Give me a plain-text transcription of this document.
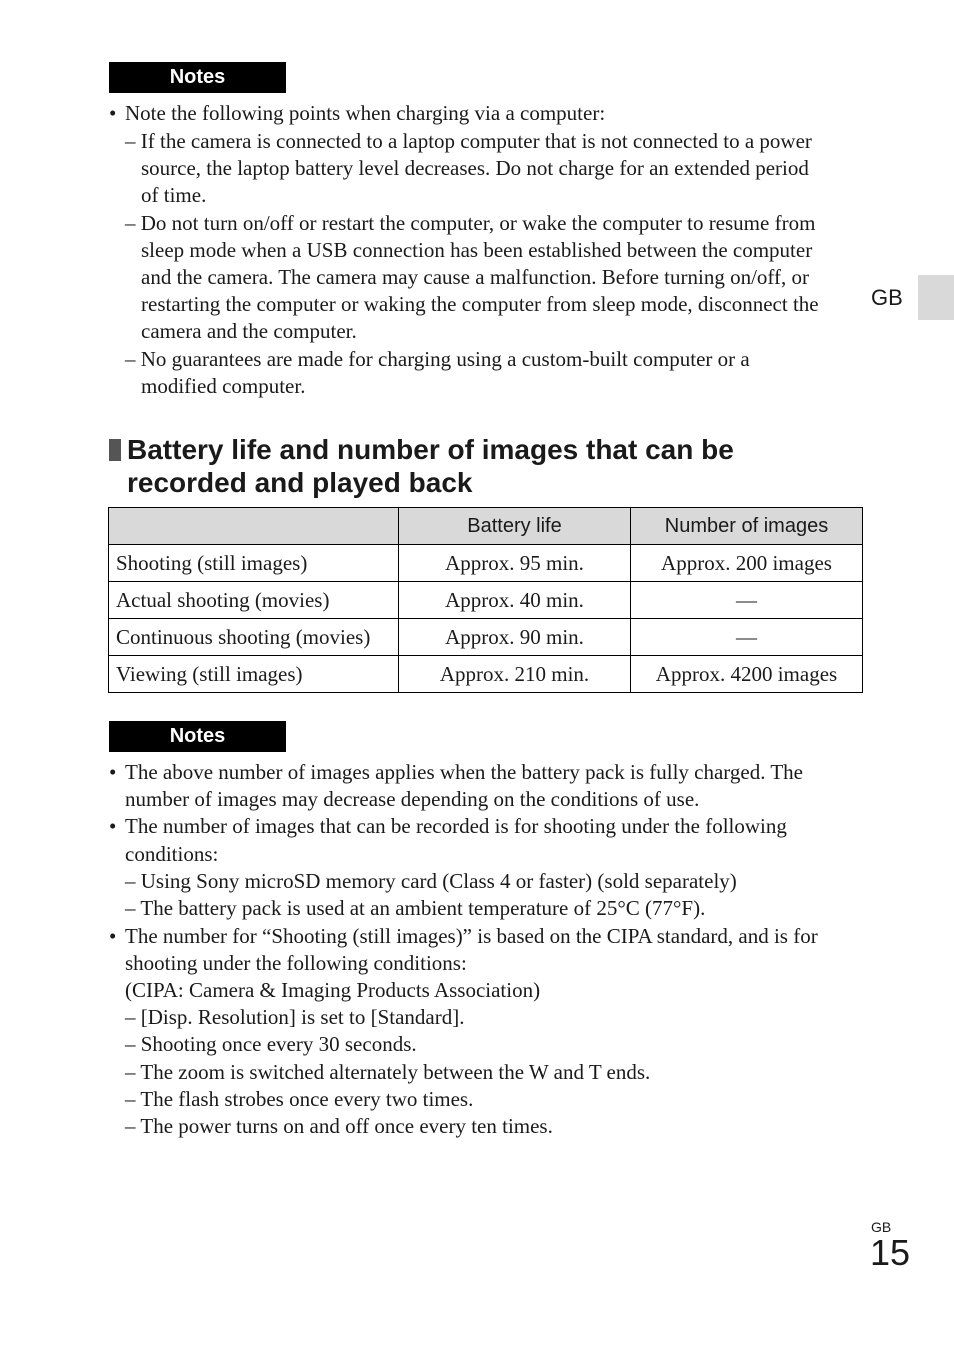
Notes
• Note the following points when charging via a computer:
– If the camera is connected to a laptop computer that is not connected to a power
source, the laptop battery level decreases. Do not charge for an extended period
of time.
– Do not turn on/off or restart the computer, or wake the computer to resume from
sleep mode when a USB connection has been established between the computer
and the camera. The camera may cause a malfunction. Before turning on/off, or
restarting the computer or waking the computer from sleep mode, disconnect the
camera and the computer.
– No guarantees are made for charging using a custom-built computer or a
modified computer.
GB
Battery life and number of images that can be
recorded and played back
	Battery life	Number of images
Shooting (still images)	Approx. 95 min.	Approx. 200 images
Actual shooting (movies)	Approx. 40 min.	—
Continuous shooting (movies)	Approx. 90 min.	—
Viewing (still images)	Approx. 210 min.	Approx. 4200 images
Notes
• The above number of images applies when the battery pack is fully charged. The
number of images may decrease depending on the conditions of use.
• The number of images that can be recorded is for shooting under the following
conditions:
– Using Sony microSD memory card (Class 4 or faster) (sold separately)
– The battery pack is used at an ambient temperature of 25°C (77°F).
• The number for “Shooting (still images)” is based on the CIPA standard, and is for
shooting under the following conditions:
(CIPA: Camera & Imaging Products Association)
– [Disp. Resolution] is set to [Standard].
– Shooting once every 30 seconds.
– The zoom is switched alternately between the W and T ends.
– The flash strobes once every two times.
– The power turns on and off once every ten times.
GB
15
